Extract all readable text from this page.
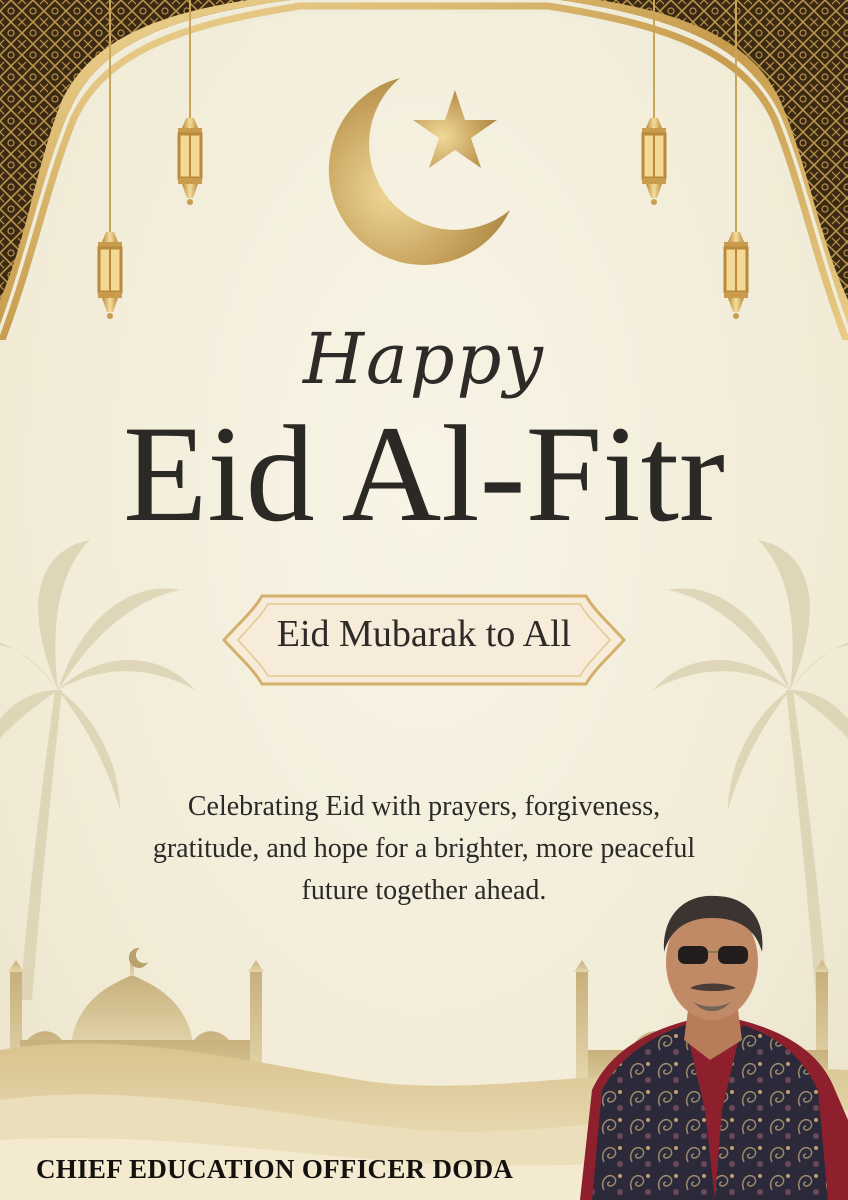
Happy
Eid Al-Fitr
Eid Mubarak to All
Celebrating Eid with prayers, forgiveness,
gratitude, and hope for a brighter, more peaceful
future together ahead.
CHIEF EDUCATION OFFICER DODA
